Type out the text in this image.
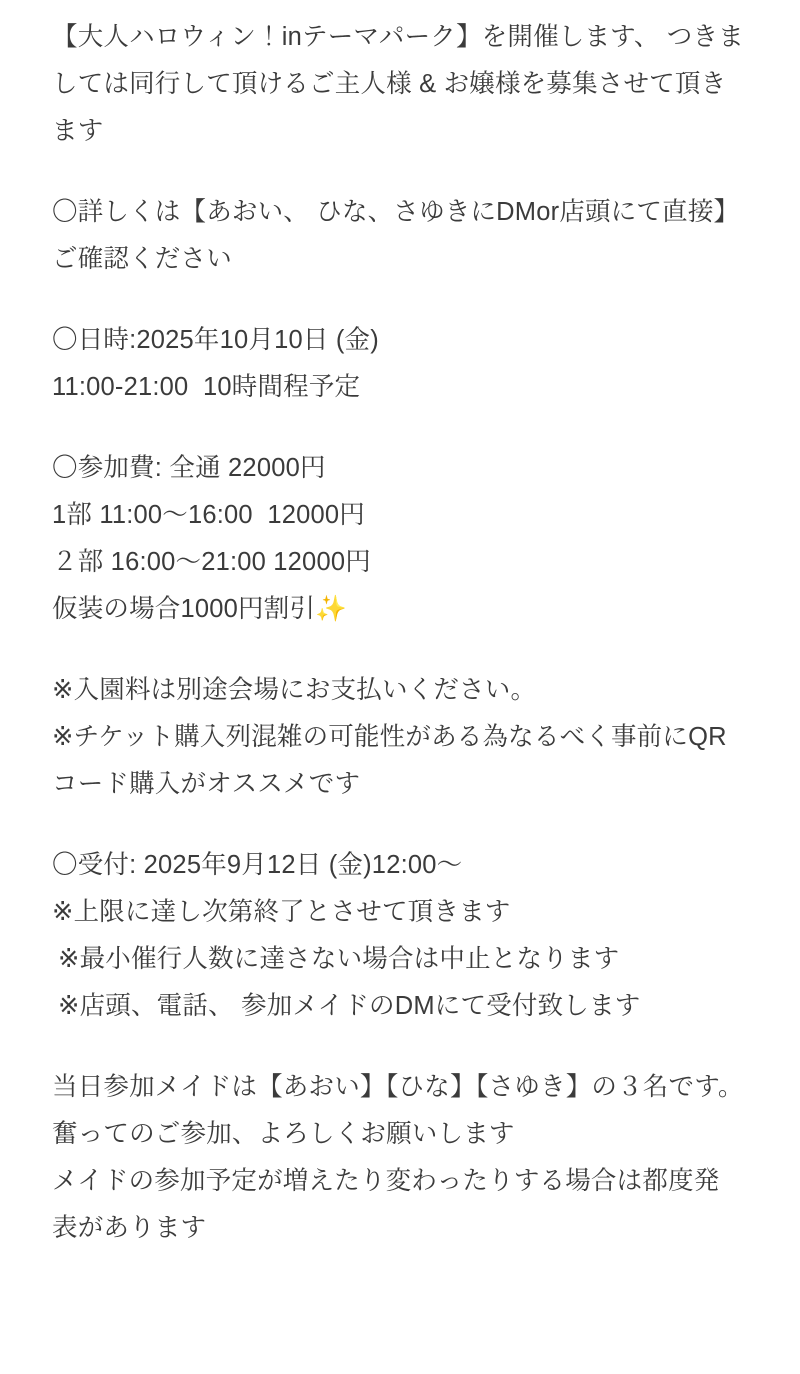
【大人ハロウィン！inテーマパーク】を開催します、 つきましては同行して頂けるご主人様 & お嬢様を募集させて頂きます
〇詳しくは【あおい、 ひな、さゆきにDMor店頭にて直接】ご確認ください
〇日時:2025年10月10日 (金)
11:00-21:00  10時間程予定
〇参加費: 全通 22000円
1部 11:00〜16:00  12000円
２部 16:00〜21:00 12000円
仮装の場合1000円割引✨
※入園料は別途会場にお支払いください。
※チケット購入列混雑の可能性がある為なるべく事前にQRコード購入がオススメです
〇受付: 2025年9月12日 (金)12:00〜
※上限に達し次第終了とさせて頂きます
※最小催行人数に達さない場合は中止となります
※店頭、電話、 参加メイドのDMにて受付致します
当日参加メイドは【あおい】【ひな】【さゆき】の３名です。奮ってのご参加、よろしくお願いします
メイドの参加予定が増えたり変わったりする場合は都度発表があります
